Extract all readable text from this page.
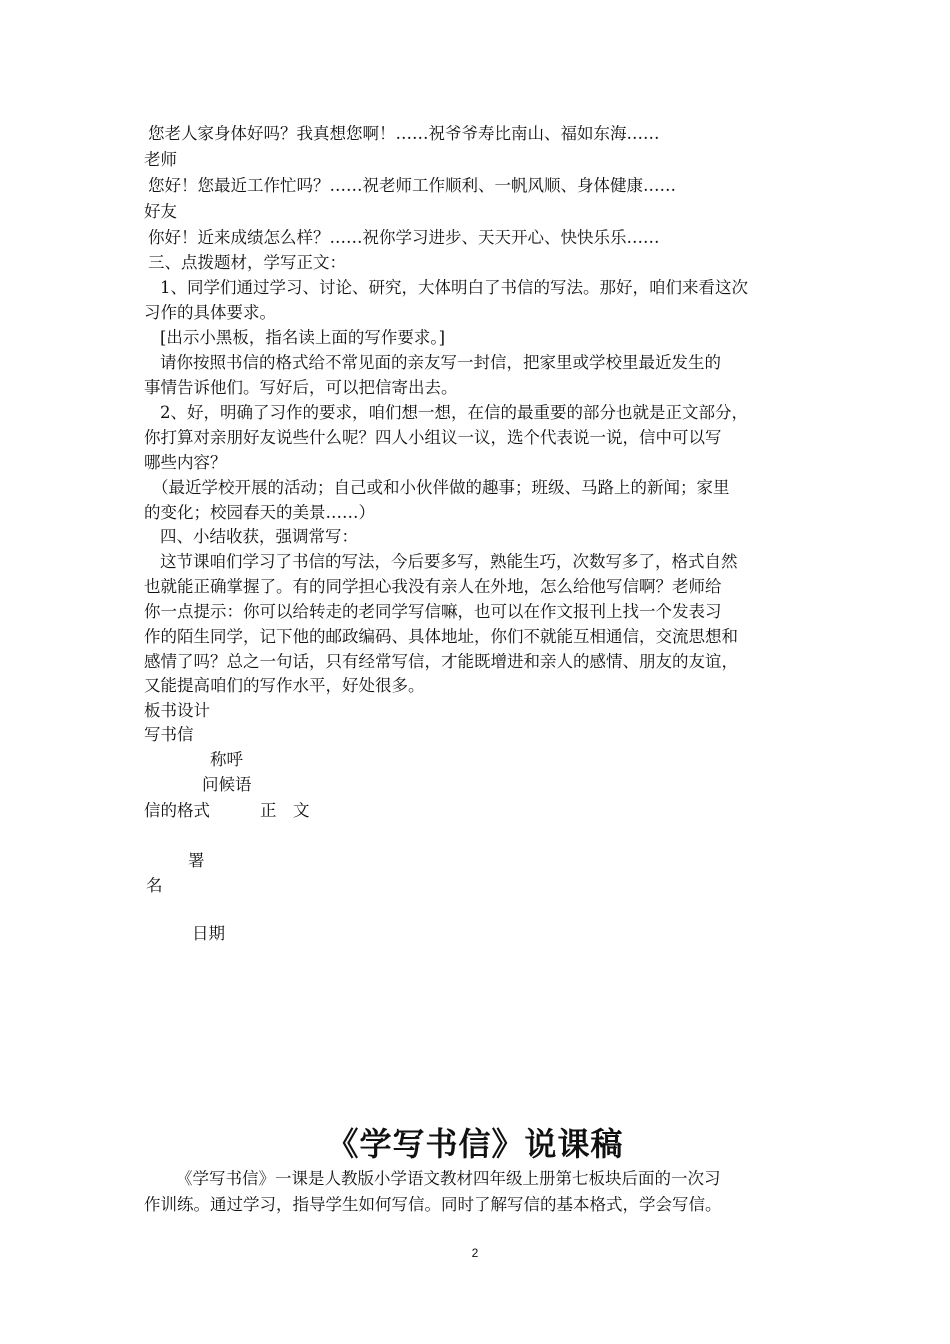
您老人家身体好吗？我真想您啊！……祝爷爷寿比南山、福如东海……
老师
您好！您最近工作忙吗？……祝老师工作顺利、一帆风顺、身体健康……
好友
你好！近来成绩怎么样？……祝你学习进步、天天开心、快快乐乐……
三、点拨题材，学写正文：
1、同学们通过学习、讨论、研究，大体明白了书信的写法。那好，咱们来看这次
习作的具体要求。
[出示小黑板，指名读上面的写作要求。]
请你按照书信的格式给不常见面的亲友写一封信，把家里或学校里最近发生的
事情告诉他们。写好后，可以把信寄出去。
2、好，明确了习作的要求，咱们想一想，在信的最重要的部分也就是正文部分，
你打算对亲朋好友说些什么呢？四人小组议一议，选个代表说一说，信中可以写
哪些内容？
（最近学校开展的活动；自己或和小伙伴做的趣事；班级、马路上的新闻；家里
的变化；校园春天的美景……）
四、小结收获，强调常写：
这节课咱们学习了书信的写法，今后要多写，熟能生巧，次数写多了，格式自然
也就能正确掌握了。有的同学担心我没有亲人在外地，怎么给他写信啊？老师给
你一点提示：你可以给转走的老同学写信嘛，也可以在作文报刊上找一个发表习
作的陌生同学，记下他的邮政编码、具体地址，你们不就能互相通信，交流思想和
感情了吗？总之一句话，只有经常写信，才能既增进和亲人的感情、朋友的友谊，
又能提高咱们的写作水平，好处很多。
板书设计
写书信
称呼
问候语
信的格式	正　文
署
名
日期
《学写书信》说课稿
《学写书信》一课是人教版小学语文教材四年级上册第七板块后面的一次习
作训练。通过学习，指导学生如何写信。同时了解写信的基本格式，学会写信。
2
